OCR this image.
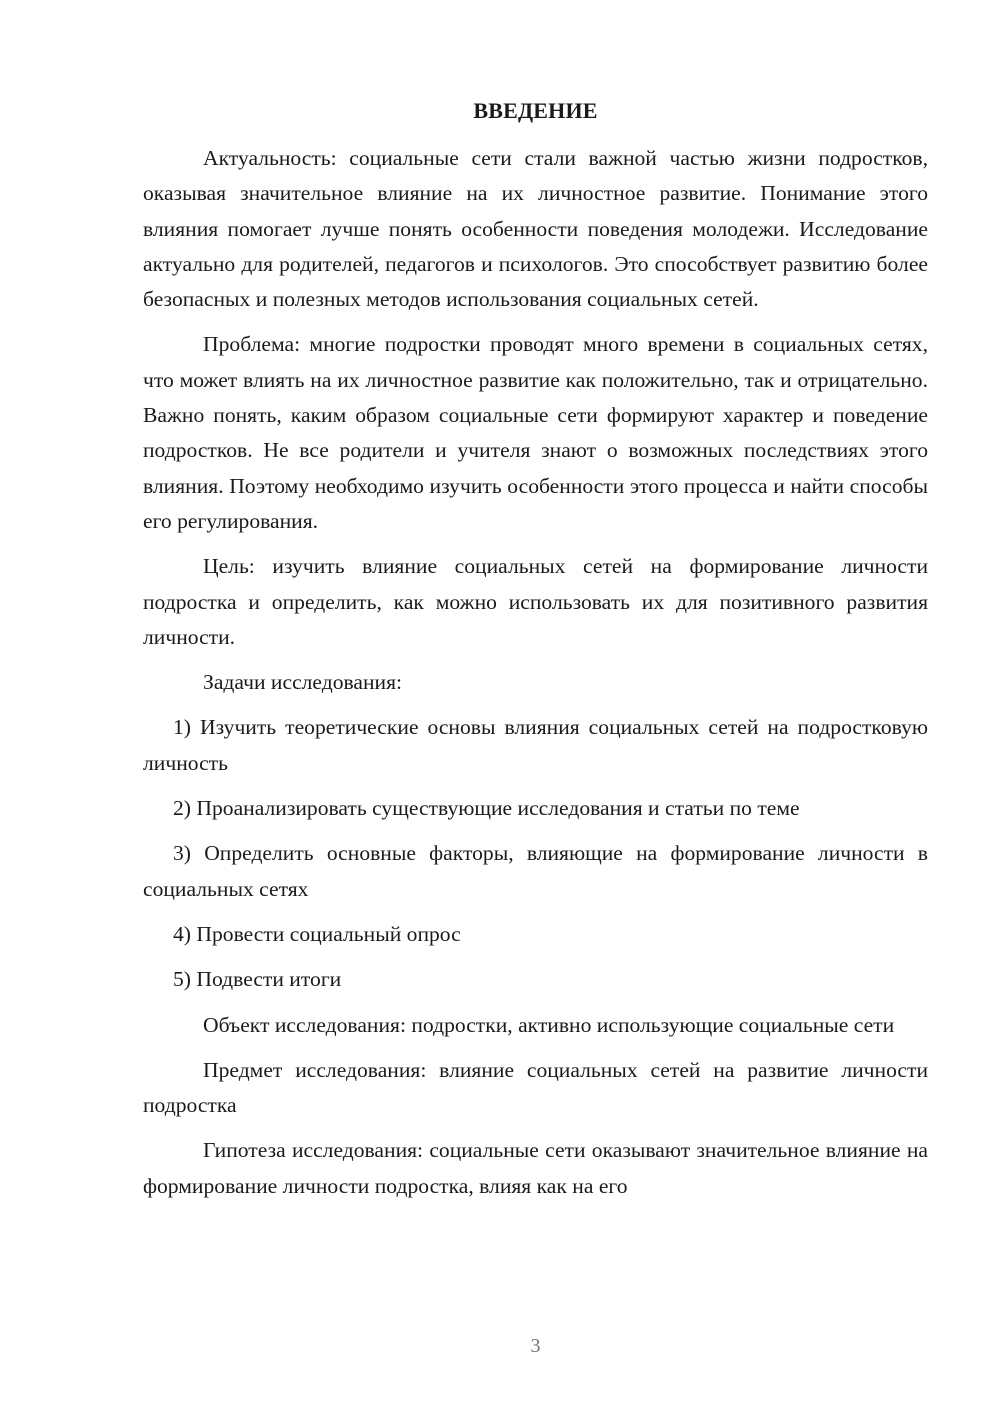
ВВЕДЕНИЕ

Актуальность: социальные сети стали важной частью жизни подростков, оказывая значительное влияние на их личностное развитие. Понимание этого влияния помогает лучше понять особенности поведения молодежи. Исследование актуально для родителей, педагогов и психологов. Это способствует развитию более безопасных и полезных методов использования социальных сетей.

Проблема: многие подростки проводят много времени в социальных сетях, что может влиять на их личностное развитие как положительно, так и отрицательно. Важно понять, каким образом социальные сети формируют характер и поведение подростков. Не все родители и учителя знают о возможных последствиях этого влияния. Поэтому необходимо изучить особенности этого процесса и найти способы его регулирования.

Цель: изучить влияние социальных сетей на формирование личности подростка и определить, как можно использовать их для позитивного развития личности.

Задачи исследования:

1) Изучить теоретические основы влияния социальных сетей на подростковую личность

2) Проанализировать существующие исследования и статьи по теме

3) Определить основные факторы, влияющие на формирование личности в социальных сетях

4) Провести социальный опрос

5) Подвести итоги

Объект исследования: подростки, активно использующие социальные сети

Предмет исследования: влияние социальных сетей на развитие личности подростка

Гипотеза исследования: социальные сети оказывают значительное влияние на формирование личности подростка, влияя как на его

3
